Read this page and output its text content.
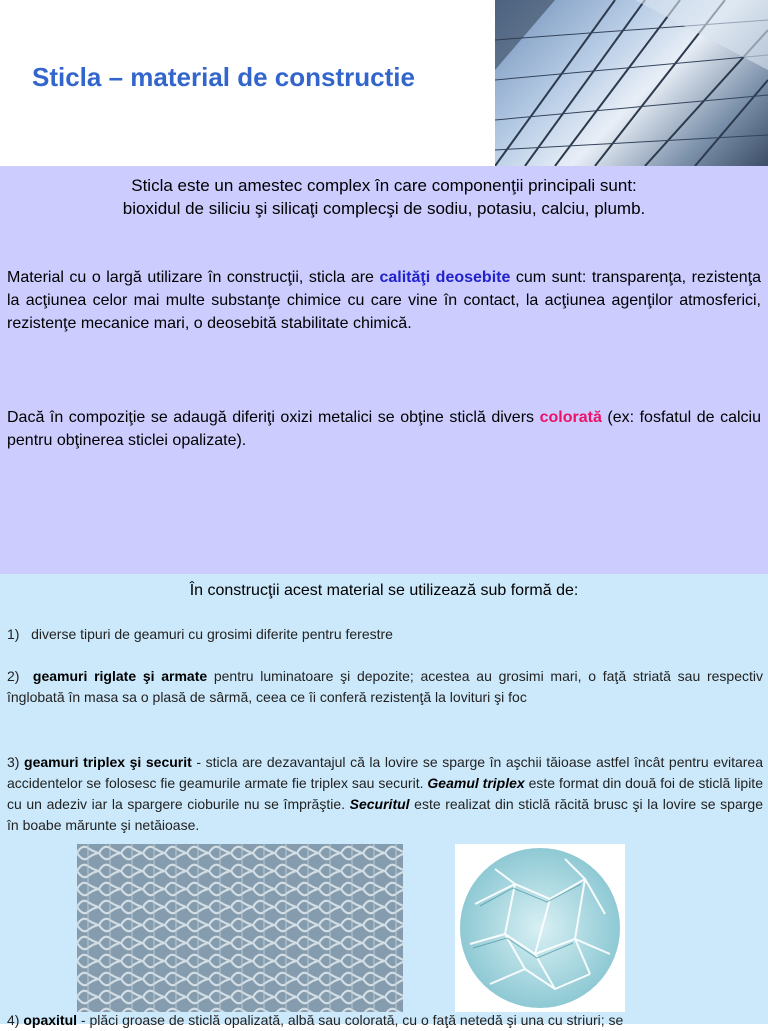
Sticla – material de constructie
Sticla este un amestec complex în care componenţii principali sunt:
bioxidul de siliciu şi silicaţi complecşi de sodiu, potasiu, calciu, plumb.
Material cu o largă utilizare în construcţii, sticla are calităţi deosebite cum sunt: transparenţa, rezistenţa la acţiunea celor mai multe substanţe chimice cu care vine în contact, la acţiunea agenţilor atmosferici, rezistenţe mecanice mari, o deosebită stabilitate chimică.
Dacă în compoziţie se adaugă diferiţi oxizi metalici se obţine sticlă divers colorată (ex: fosfatul de calciu pentru obţinerea sticlei opalizate).
În construcţii acest material se utilizează sub formă de:
1) diverse tipuri de geamuri cu grosimi diferite pentru ferestre
2) geamuri riglate şi armate pentru luminatoare şi depozite; acestea au grosimi mari, o faţă striată sau respectiv înglobată în masa sa o plasă de sârmă, ceea ce îi conferă rezistenţă la lovituri şi foc
3) geamuri triplex şi securit - sticla are dezavantajul că la lovire se sparge în aşchii tăioase astfel încât pentru evitarea accidentelor se folosesc fie geamurile armate fie triplex sau securit. Geamul triplex este format din două foi de sticlă lipite cu un adeziv iar la spargere cioburile nu se împrăştie. Securitul este realizat din sticlă răcită brusc şi la lovire se sparge în boabe mărunte şi netăioase.
4) opaxitul - plăci groase de sticlă opalizată, albă sau colorată, cu o faţă netedă şi una cu striuri; se
